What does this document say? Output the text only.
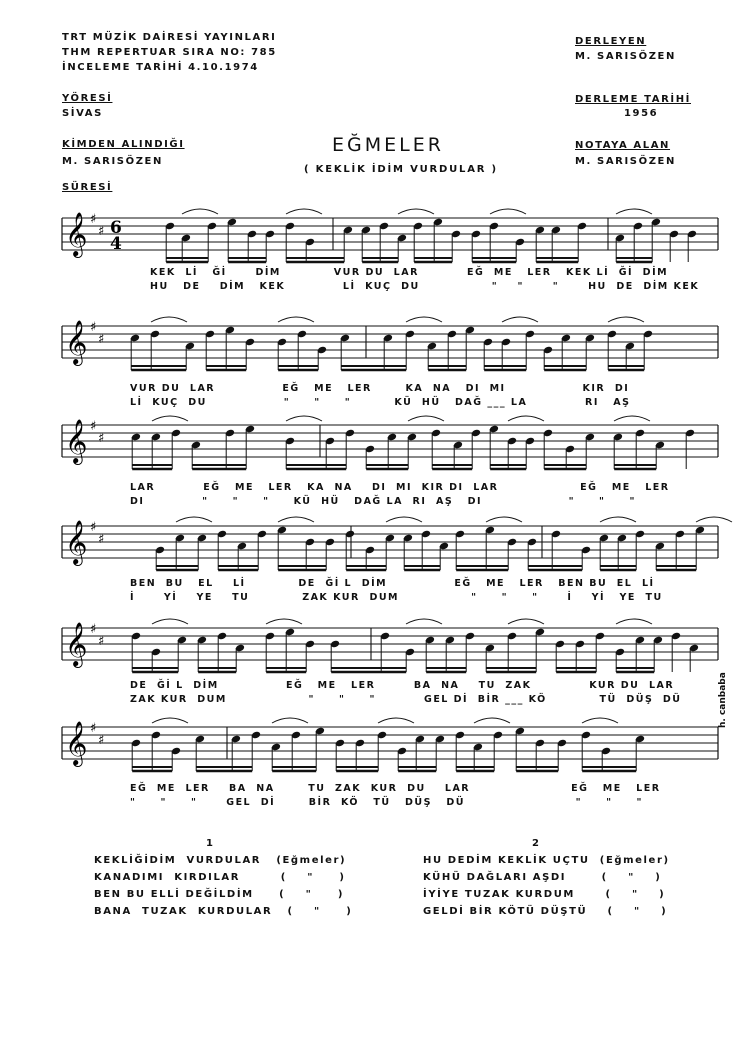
TRT MÜZİK DAİRESİ YAYINLARI
THM REPERTUAR SIRA NO: 785
İNCELEME TARİHİ 4.10.1974
YÖRESİ
SİVAS
KİMDEN ALINDIĞI
M. SARISÖZEN
SÜRESİ
DERLEYEN
M. SARISÖZEN
DERLEME TARİHİ
1956
NOTAYA ALAN
M. SARISÖZEN
EĞMELER
( KEKLİK İDİM VURDULAR )
𝄞 ♯
♯ 6
4
KEK  Lİ   Ğİ      DİM           VUR DU  LAR          EĞ  ME   LER   KEK Lİ  Ğİ  DİM
HU   DE    DİM   KEK            Lİ  KUÇ  DU               "    "      "      HU  DE  DİM KEK
𝄞 ♯
♯
VUR DU  LAR              EĞ   ME   LER       KA  NA   DI  MI                KIR  DI
Lİ  KUÇ  DU                "     "     "         KÜ  HÜ   DAĞ ___ LA            RI   AŞ
𝄞 ♯
♯
LAR          EĞ   ME   LER   KA  NA    DI  MI  KIR DI  LAR                 EĞ   ME   LER
DI            "     "     "     KÜ  HÜ   DAĞ LA  RI  AŞ   DI                  "     "     "
𝄞 ♯
♯
BEN  BU   EL    Lİ           DE  Ğİ L  DİM              EĞ   ME   LER   BEN BU  EL  Lİ
İ      Yİ    YE    TU           ZAK KUR  DUM               "     "     "      İ    Yİ   YE  TU
𝄞 ♯
♯
DE  Ğİ L  DİM              EĞ   ME   LER        BA  NA    TU  ZAK            KUR DU  LAR
ZAK KUR  DUM                 "     "     "          GEL Dİ  BİR ___ KÖ           TÜ  DÜŞ  DÜ
𝄞 ♯
♯
EĞ  ME  LER    BA  NA       TU  ZAK  KUR  DU    LAR                     EĞ   ME   LER
"     "     "      GEL  Dİ       BİR  KÖ   TÜ   DÜŞ   DÜ                       "     "     "
1	2
KEKLİĞİDİM  VURDULAR   (Eğmeler)
KANADIMI  KIRDILAR        (    "     )
BEN BU ELLİ DEĞİLDİM     (    "     )
BANA  TUZAK  KURDULAR   (    "     )
HU DEDİM KEKLİK UÇTU  (Eğmeler)
KÜHÜ DAĞLARI AŞDI       (    "    )
İYİYE TUZAK KURDUM      (    "    )
GELDİ BİR KÖTÜ DÜŞTÜ    (    "    )
h. canbaba
